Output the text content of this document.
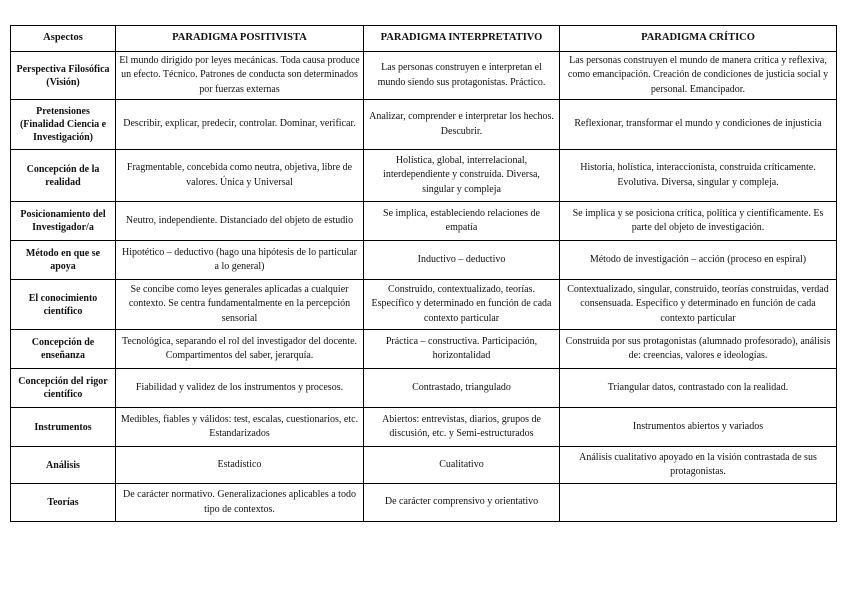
Aspectos	PARADIGMA POSITIVISTA	PARADIGMA INTERPRETATIVO	PARADIGMA CRÍTICO
Perspectiva Filosófica (Visión)	El mundo dirigido por leyes mecánicas. Toda causa produce un efecto. Técnico. Patrones de conducta son determinados por fuerzas externas	Las personas construyen e interpretan el mundo siendo sus protagonistas. Práctico.	Las personas construyen el mundo de manera crítica y reflexiva, como emancipación. Creación de condiciones de justicia social y personal. Emancipador.
Pretensiones (Finalidad Ciencia e Investigación)	Describir, explicar, predecir, controlar. Dominar, verificar.	Analizar, comprender e interpretar los hechos. Descubrir.	Reflexionar, transformar el mundo y condiciones de injusticia
Concepción de la realidad	Fragmentable, concebida como neutra, objetiva, libre de valores. Única y Universal	Holística, global, interrelacional, interdependiente y construida. Diversa, singular y compleja	Historia, holística, interaccionista, construida críticamente. Evolutiva. Diversa, singular y compleja.
Posicionamiento del Investigador/a	Neutro, independiente. Distanciado del objeto de estudio	Se implica, estableciendo relaciones de empatía	Se implica y se posiciona crítica, política y científicamente. Es parte del objeto de investigación.
Método en que se apoya	Hipotético – deductivo (hago una hipótesis de lo particular a lo general)	Inductivo – deductivo	Método de investigación – acción (proceso en espiral)
El conocimiento científico	Se concibe como leyes generales aplicadas a cualquier contexto. Se centra fundamentalmente en la percepción sensorial	Construido, contextualizado, teorías. Específico y determinado en función de cada contexto particular	Contextualizado, singular, construido, teorías construidas, verdad consensuada. Específico y determinado en función de cada contexto particular
Concepción de enseñanza	Tecnológica, separando el rol del investigador del docente. Compartimentos del saber, jerarquía.	Práctica – constructiva. Participación, horizontalidad	Construida por sus protagonistas (alumnado profesorado), análisis de: creencias, valores e ideologías.
Concepción del rigor científico	Fiabilidad y validez de los instrumentos y procesos.	Contrastado, triangulado	Triangular datos, contrastado con la realidad.
Instrumentos	Medibles, fiables y válidos: test, escalas, cuestionarios, etc. Estandarizados	Abiertos: entrevistas, diarios, grupos de discusión, etc. y Semi-estructurados	Instrumentos abiertos y variados
Análisis	Estadístico	Cualitativo	Análisis cualitativo apoyado en la visión contrastada de sus protagonistas.
Teorías	De carácter normativo. Generalizaciones aplicables a todo tipo de contextos.	De carácter comprensivo y orientativo	
